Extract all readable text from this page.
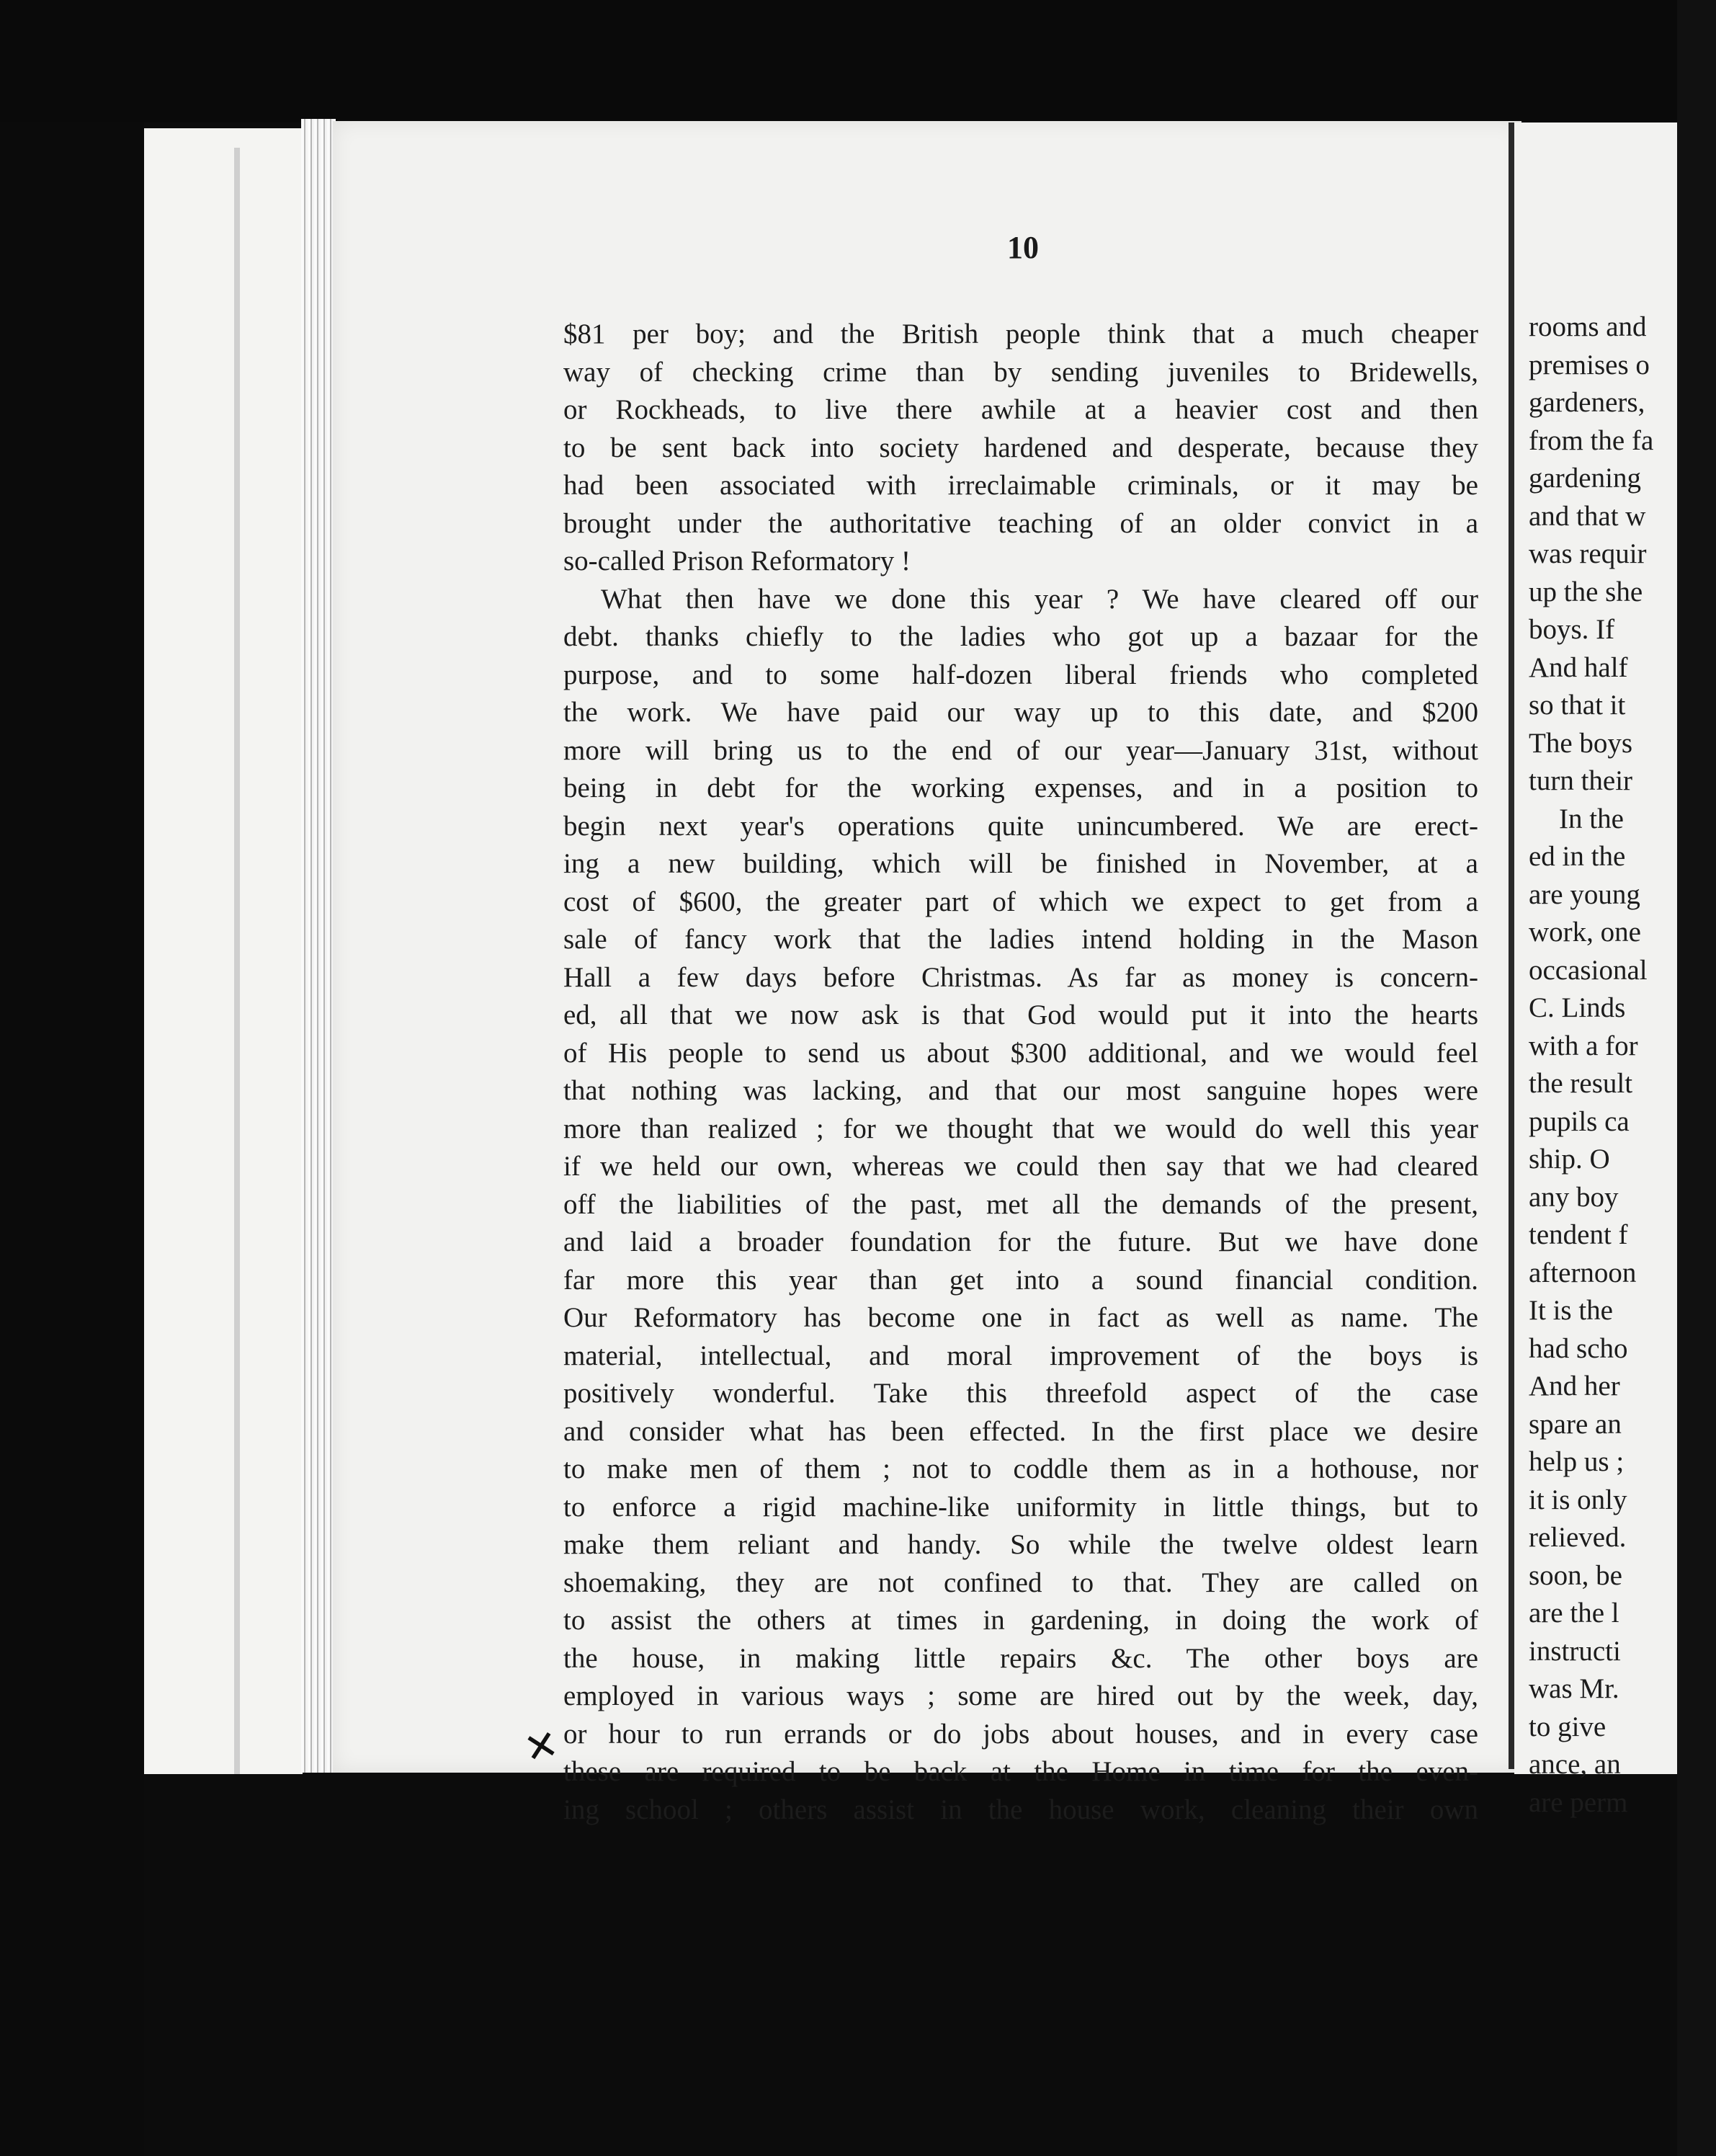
10
$81 per boy; and the British people think that a much cheaper
way of checking crime than by sending juveniles to Bridewells,
or Rockheads, to live there awhile at a heavier cost and then
to be sent back into society hardened and desperate, because they
had been associated with irreclaimable criminals, or it may be
brought under the authoritative teaching of an older convict in a
so-called Prison Reformatory !
What then have we done this year ? We have cleared off our
debt. thanks chiefly to the ladies who got up a bazaar for the
purpose, and to some half-dozen liberal friends who completed
the work. We have paid our way up to this date, and $200
more will bring us to the end of our year—January 31st, without
being in debt for the working expenses, and in a position to
begin next year's operations quite unincumbered. We are erect-
ing a new building, which will be finished in November, at a
cost of $600, the greater part of which we expect to get from a
sale of fancy work that the ladies intend holding in the Mason
Hall a few days before Christmas. As far as money is concern-
ed, all that we now ask is that God would put it into the hearts
of His people to send us about $300 additional, and we would feel
that nothing was lacking, and that our most sanguine hopes were
more than realized ; for we thought that we would do well this year
if we held our own, whereas we could then say that we had cleared
off the liabilities of the past, met all the demands of the present,
and laid a broader foundation for the future. But we have done
far more this year than get into a sound financial condition.
Our Reformatory has become one in fact as well as name. The
material, intellectual, and moral improvement of the boys is
positively wonderful. Take this threefold aspect of the case
and consider what has been effected. In the first place we desire
to make men of them ; not to coddle them as in a hothouse, nor
to enforce a rigid machine-like uniformity in little things, but to
make them reliant and handy. So while the twelve oldest learn
shoemaking, they are not confined to that. They are called on
to assist the others at times in gardening, in doing the work of
the house, in making little repairs &c. The other boys are
employed in various ways ; some are hired out by the week, day,
or hour to run errands or do jobs about houses, and in every case
these are required to be back at the Home in time for the even-
ing school ; others assist in the house work, cleaning their own
✕
rooms and
premises o
gardeners,
from the fa
gardening
and that w
was requir
up the she
boys. If
And half
so that it
The boys
turn their
In the
ed in the
are young
work, one
occasional
C. Linds
with a for
the result
pupils ca
ship. O
any boy
tendent f
afternoon
It is the
had scho
And her
spare an
help us ;
it is only
relieved.
soon, be
are the l
instructi
was Mr.
to give
ance, an
are perm
